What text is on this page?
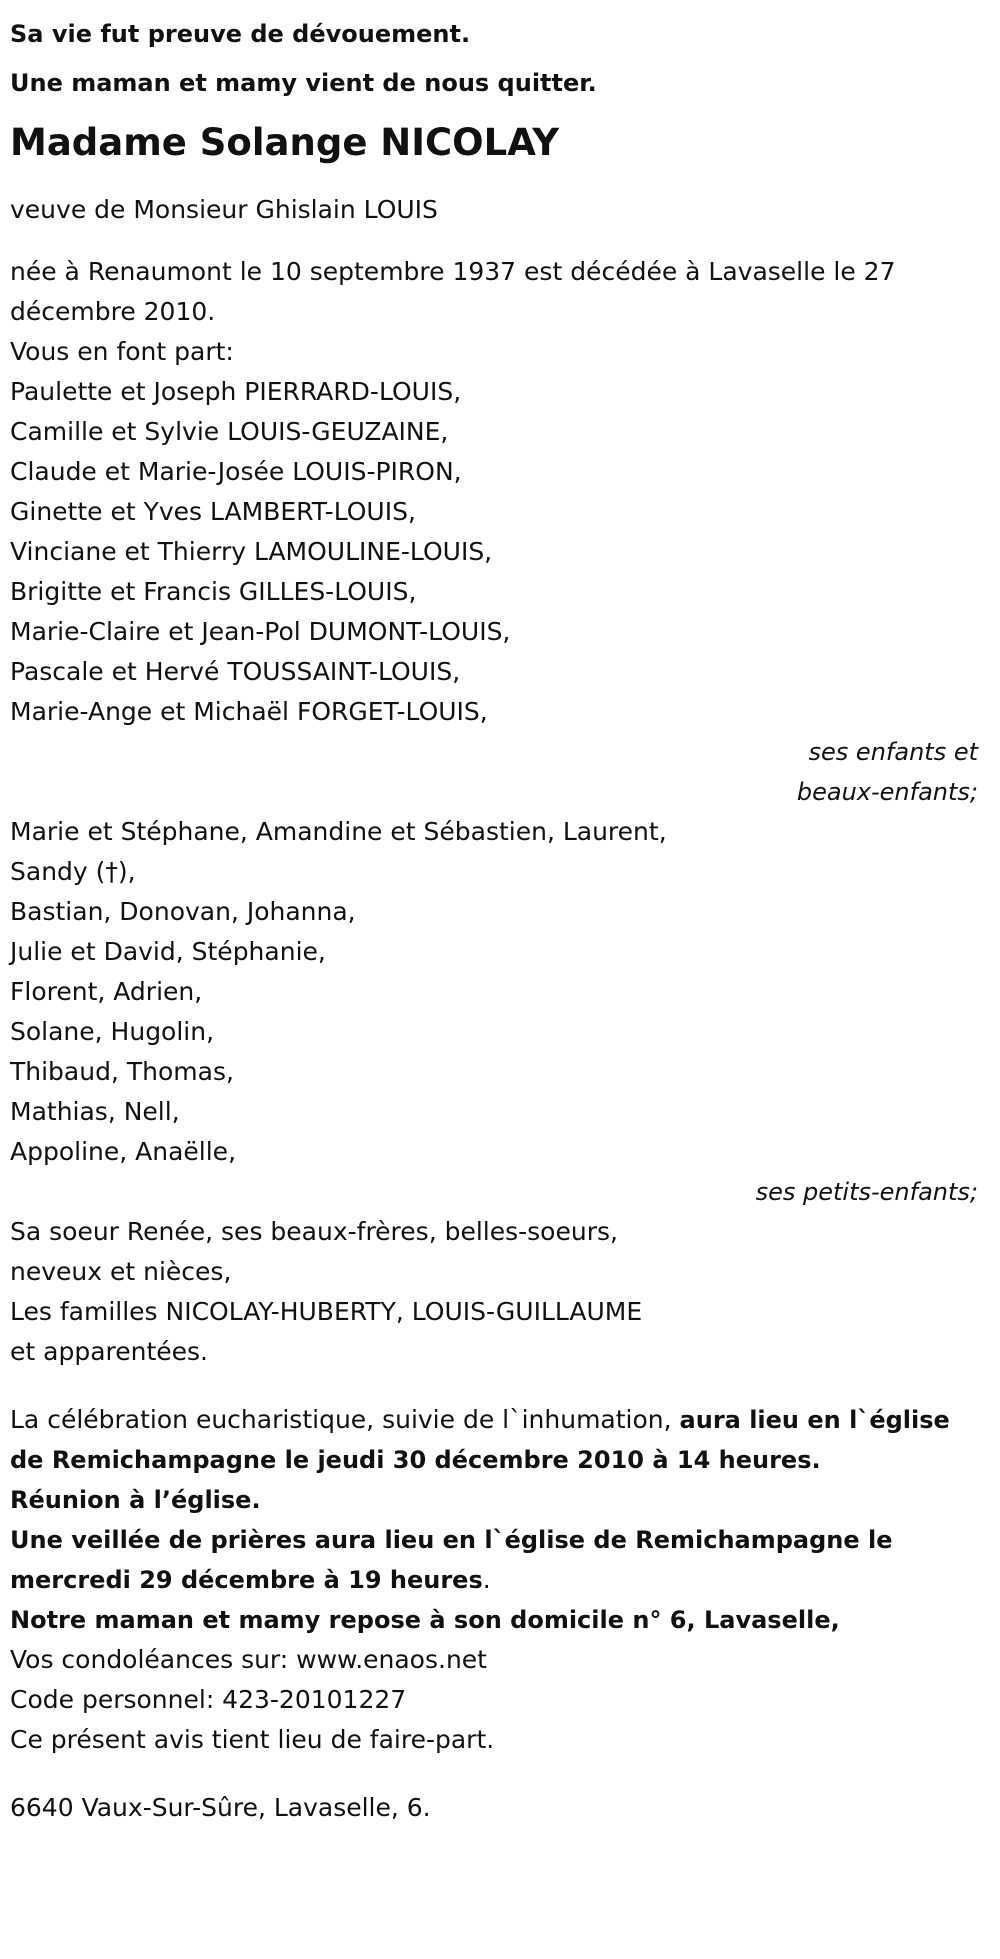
Sa vie fut preuve de dévouement.
Une maman et mamy vient de nous quitter.
Madame Solange NICOLAY
veuve de Monsieur Ghislain LOUIS
née à Renaumont le 10 septembre 1937 est décédée à Lavaselle le 27
décembre 2010.
Vous en font part:
Paulette et Joseph PIERRARD-LOUIS,
Camille et Sylvie LOUIS-GEUZAINE,
Claude et Marie-Josée LOUIS-PIRON,
Ginette et Yves LAMBERT-LOUIS,
Vinciane et Thierry LAMOULINE-LOUIS,
Brigitte et Francis GILLES-LOUIS,
Marie-Claire et Jean-Pol DUMONT-LOUIS,
Pascale et Hervé TOUSSAINT-LOUIS,
Marie-Ange et Michaël FORGET-LOUIS,
ses enfants et
beaux-enfants;
Marie et Stéphane, Amandine et Sébastien, Laurent,
Sandy (†),
Bastian, Donovan, Johanna,
Julie et David, Stéphanie,
Florent, Adrien,
Solane, Hugolin,
Thibaud, Thomas,
Mathias, Nell,
Appoline, Anaëlle,
ses petits-enfants;
Sa soeur Renée, ses beaux-frères, belles-soeurs,
neveux et nièces,
Les familles NICOLAY-HUBERTY, LOUIS-GUILLAUME
et apparentées.
La célébration eucharistique, suivie de l`inhumation, aura lieu en l`église
de Remichampagne le jeudi 30 décembre 2010 à 14 heures.
Réunion à l’église.
Une veillée de prières aura lieu en l`église de Remichampagne le
mercredi 29 décembre à 19 heures.
Notre maman et mamy repose à son domicile n° 6, Lavaselle,
Vos condoléances sur: www.enaos.net
Code personnel: 423-20101227
Ce présent avis tient lieu de faire-part.
6640 Vaux-Sur-Sûre, Lavaselle, 6.
